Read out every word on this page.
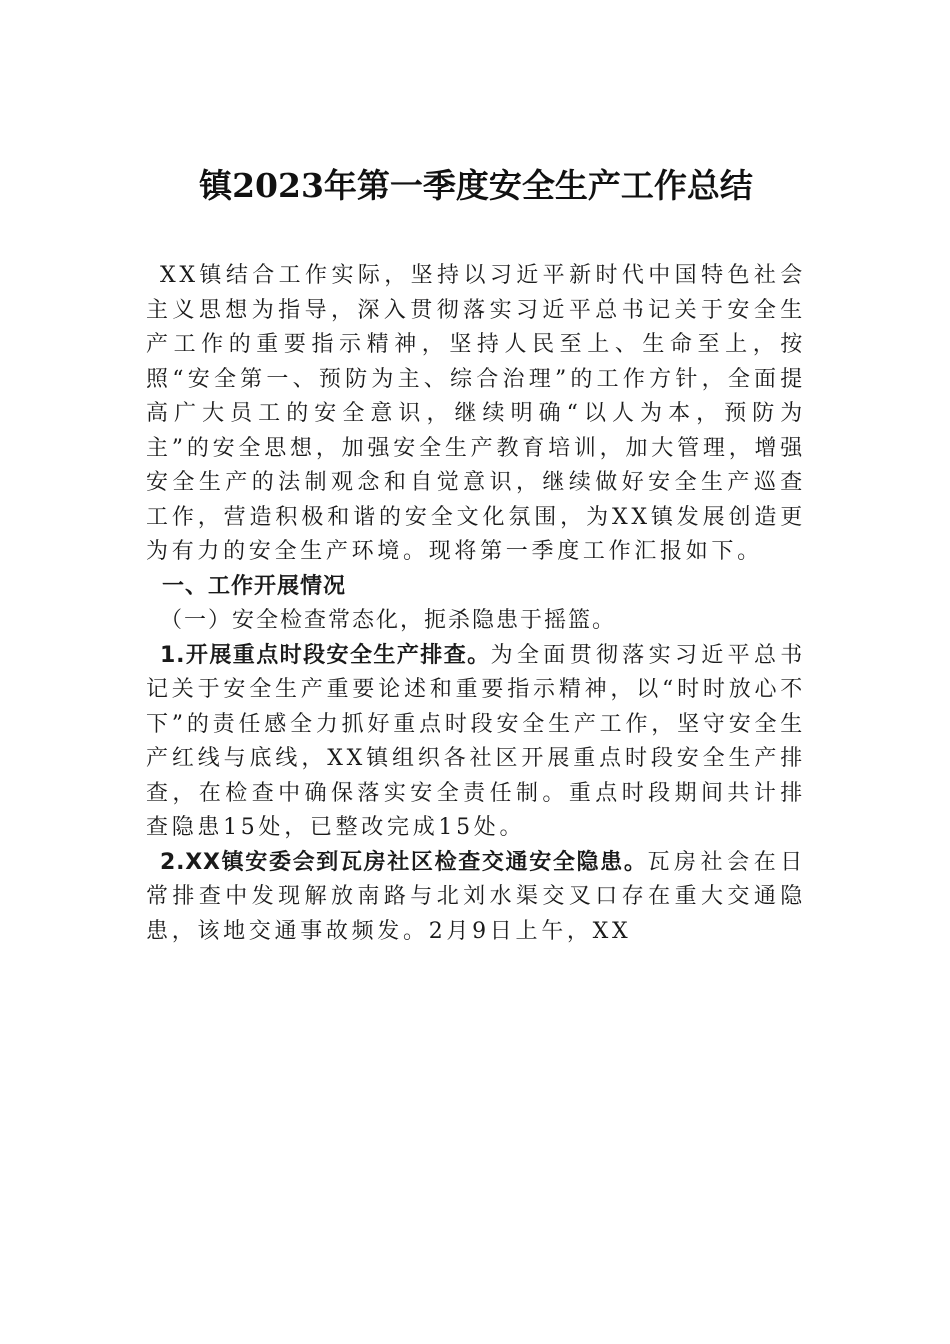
镇2023年第一季度安全生产工作总结

XX镇结合工作实际，坚持以习近平新时代中国特色社会主义思想为指导，深入贯彻落实习近平总书记关于安全生产工作的重要指示精神，坚持人民至上、生命至上，按照“安全第一、预防为主、综合治理”的工作方针，全面提高广大员工的安全意识，继续明确“以人为本，预防为主”的安全思想，加强安全生产教育培训，加大管理，增强安全生产的法制观念和自觉意识，继续做好安全生产巡查工作，营造积极和谐的安全文化氛围，为XX镇发展创造更为有力的安全生产环境。现将第一季度工作汇报如下。

一、工作开展情况

（一）安全检查常态化，扼杀隐患于摇篮。

1.开展重点时段安全生产排查。为全面贯彻落实习近平总书记关于安全生产重要论述和重要指示精神，以“时时放心不下”的责任感全力抓好重点时段安全生产工作，坚守安全生产红线与底线，XX镇组织各社区开展重点时段安全生产排查，在检查中确保落实安全责任制。重点时段期间共计排查隐患15处，已整改完成15处。

2.XX镇安委会到瓦房社区检查交通安全隐患。瓦房社会在日常排查中发现解放南路与北刘水渠交叉口存在重大交通隐患，该地交通事故频发。2月9日上午，XX
